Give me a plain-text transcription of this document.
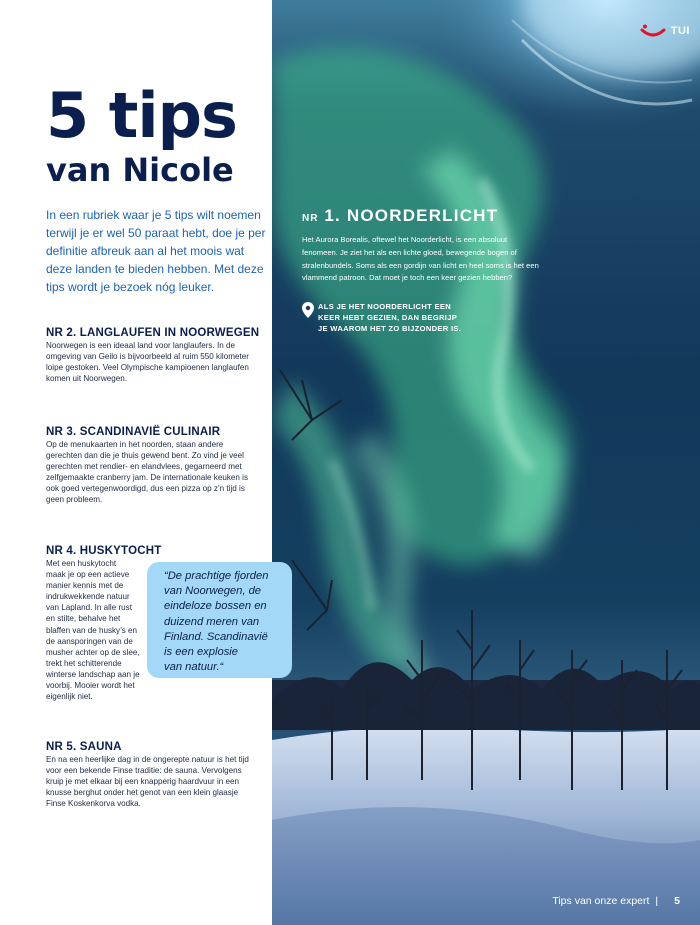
TUI
5 tips
van Nicole

In een rubriek waar je 5 tips wilt noemen terwijl je er wel 50 paraat hebt, doe je per definitie afbreuk aan al het moois wat deze landen te bieden hebben. Met deze tips wordt je bezoek nóg leuker.

NR 2. LANGLAUFEN IN NOORWEGEN
Noorwegen is een ideaal land voor langlaufers. In de
omgeving van Geilo is bijvoorbeeld al ruim 550 kilometer
loipe gestoken. Veel Olympische kampioenen langlaufen
komen uit Noorwegen.
NR 3. SCANDINAVIË CULINAIR
Op de menukaarten in het noorden, staan andere
gerechten dan die je thuis gewend bent. Zo vind je veel
gerechten met rendier- en elandvlees, gegarneerd met
zelfgemaakte cranberry jam. De internationale keuken is
ook goed vertegenwoordigd, dus een pizza op z’n tijd is
geen probleem.
NR 4. HUSKYTOCHT
Met een huskytocht
maak je op een actieve
manier kennis met de
indrukwekkende natuur
van Lapland. In alle rust
en stilte, behalve het
blaffen van de husky’s en
de aansporingen van de
musher achter op de slee,
trekt het schitterende
winterse landschap aan je
voorbij. Mooier wordt het
eigenlijk niet.
NR 5. SAUNA
En na een heerlijke dag in de ongerepte natuur is het tijd
voor een bekende Finse traditie: de sauna. Vervolgens
kruip je met elkaar bij een knapperig haardvuur in een
knusse berghut onder het genot van een klein glaasje
Finse Koskenkorva vodka.
“De prachtige fjorden
van Noorwegen, de
eindeloze bossen en
duizend meren van
Finland. Scandinavië
is een explosie
van natuur.“
NR 1. NOORDERLICHT

Het Aurora Borealis, oftewel het Noorderlicht, is een absoluut fenomeen. Je ziet het als een lichte gloed, bewegende bogen of stralenbundels. Soms als een gordijn van licht en heel soms is het een vlammend patroon. Dat moet je toch een keer gezien hebben?

ALS JE HET NOORDERLICHT EEN
KEER HEBT GEZIEN, DAN BEGRIJP
JE WAAROM HET ZO BIJZONDER IS.
Tips van onze expert | 5
